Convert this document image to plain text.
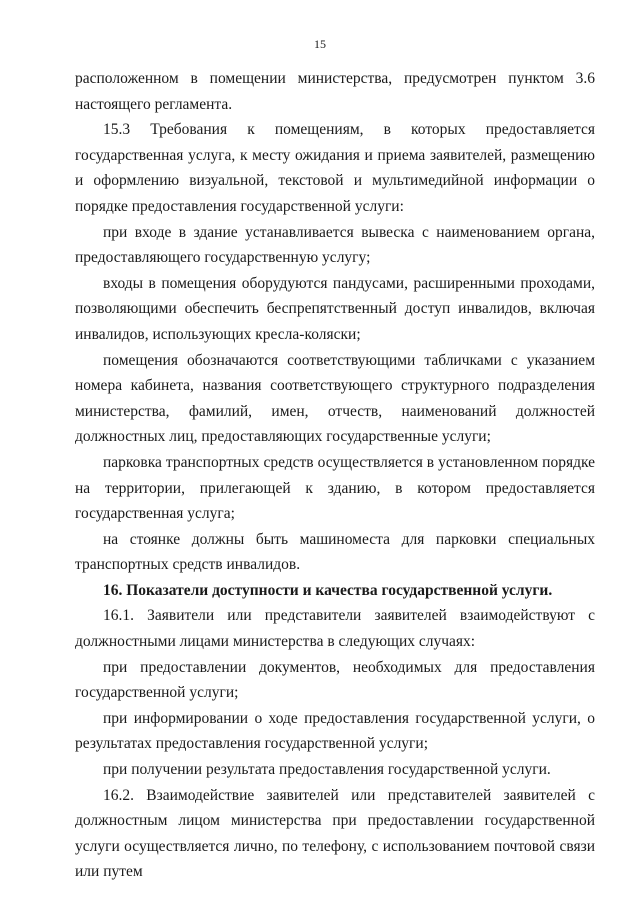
15

расположенном в помещении министерства, предусмотрен пунктом 3.6 настоящего регламента.

15.3 Требования к помещениям, в которых предоставляется государственная услуга, к месту ожидания и приема заявителей, размещению и оформлению визуальной, текстовой и мультимедийной информации о порядке предоставления государственной услуги:

при входе в здание устанавливается вывеска с наименованием органа, предоставляющего государственную услугу;

входы в помещения оборудуются пандусами, расширенными проходами, позволяющими обеспечить беспрепятственный доступ инвалидов, включая инвалидов, использующих кресла-коляски;

помещения обозначаются соответствующими табличками с указанием номера кабинета, названия соответствующего структурного подразделения министерства, фамилий, имен, отчеств, наименований должностей должностных лиц, предоставляющих государственные услуги;

парковка транспортных средств осуществляется в установленном порядке на территории, прилегающей к зданию, в котором предоставляется государственная услуга;

на стоянке должны быть машиноместа для парковки специальных транспортных средств инвалидов.

16. Показатели доступности и качества государственной услуги.

16.1. Заявители или представители заявителей взаимодействуют с должностными лицами министерства в следующих случаях:

при предоставлении документов, необходимых для предоставления государственной услуги;

при информировании о ходе предоставления государственной услуги, о результатах предоставления государственной услуги;

при получении результата предоставления государственной услуги.

16.2. Взаимодействие заявителей или представителей заявителей с должностным лицом министерства при предоставлении государственной услуги осуществляется лично, по телефону, с использованием почтовой связи или путем
